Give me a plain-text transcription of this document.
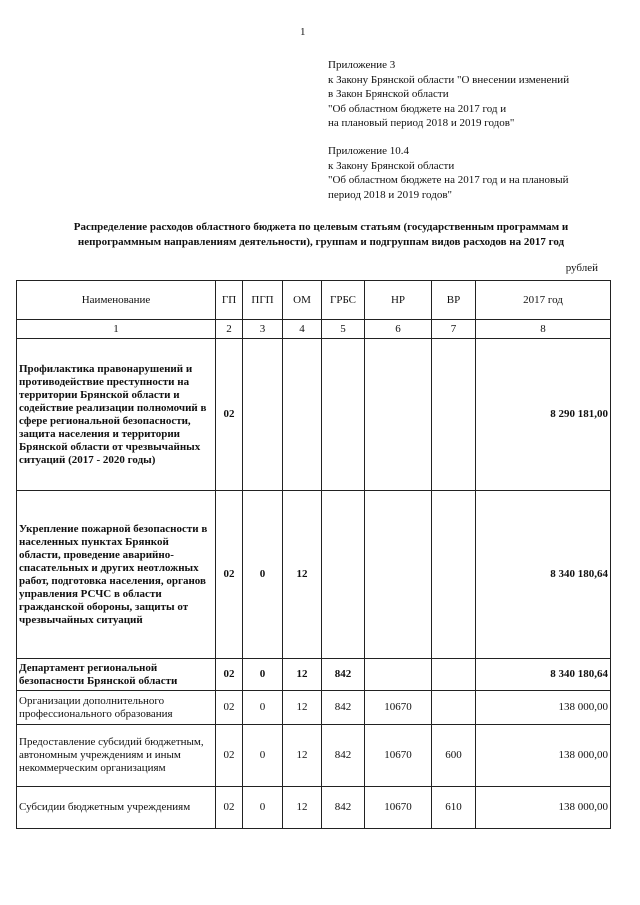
1
Приложение 3
к Закону Брянской области "О внесении изменений
в Закон Брянской области
"Об областном бюджете на 2017 год и
на плановый период 2018 и 2019 годов"
Приложение 10.4
к Закону Брянской области
"Об областном бюджете на 2017 год и на плановый
период 2018 и 2019 годов"
Распределение расходов областного бюджета по целевым статьям (государственным программам и
непрограммным направлениям деятельности), группам и подгруппам видов расходов на 2017 год
рублей
Наименование	ГП	ПГП	ОМ	ГРБС	НР	ВР	2017 год
1	2	3	4	5	6	7	8
Профилактика правонарушений и противодействие преступности на территории Брянской области и содействие реализации полномочий в сфере региональной безопасности, защита населения и территории Брянской области от чрезвычайных ситуаций (2017 - 2020 годы)	02						8 290 181,00
Укрепление пожарной безопасности в населенных пунктах Брянкой области, проведение аварийно-спасательных и других неотложных работ, подготовка населения, органов управления РСЧС в области гражданской обороны, защиты от чрезвычайных ситуаций	02	0	12				8 340 180,64
Департамент региональной безопасности Брянской области	02	0	12	842			8 340 180,64
Организации дополнительного профессионального образования	02	0	12	842	10670		138 000,00
Предоставление субсидий бюджетным, автономным учреждениям и иным некоммерческим организациям	02	0	12	842	10670	600	138 000,00
Субсидии бюджетным учреждениям	02	0	12	842	10670	610	138 000,00
